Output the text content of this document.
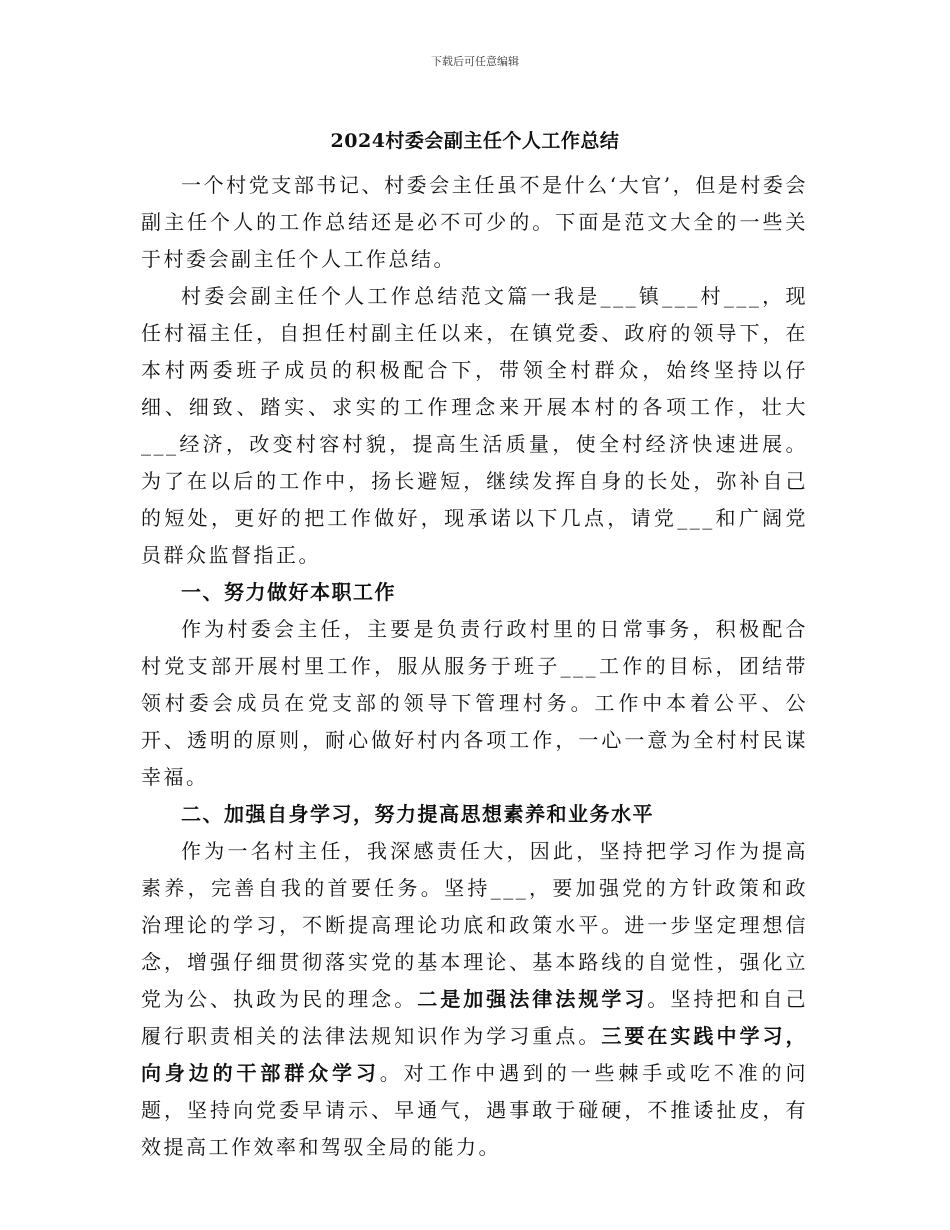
下载后可任意编辑
2024村委会副主任个人工作总结

一个村党支部书记、村委会主任虽不是什么‘大官’，但是村委会副主任个人的工作总结还是必不可少的。下面是范文大全的一些关于村委会副主任个人工作总结。

村委会副主任个人工作总结范文篇一我是___镇___村___，现任村福主任，自担任村副主任以来，在镇党委、政府的领导下，在本村两委班子成员的积极配合下，带领全村群众，始终坚持以仔细、细致、踏实、求实的工作理念来开展本村的各项工作，壮大___经济，改变村容村貌，提高生活质量，使全村经济快速进展。为了在以后的工作中，扬长避短，继续发挥自身的长处，弥补自己的短处，更好的把工作做好，现承诺以下几点，请党___和广阔党员群众监督指正。

一、努力做好本职工作

作为村委会主任，主要是负责行政村里的日常事务，积极配合村党支部开展村里工作，服从服务于班子___工作的目标，团结带领村委会成员在党支部的领导下管理村务。工作中本着公平、公开、透明的原则，耐心做好村内各项工作，一心一意为全村村民谋幸福。

二、加强自身学习，努力提高思想素养和业务水平

作为一名村主任，我深感责任大，因此，坚持把学习作为提高素养，完善自我的首要任务。坚持___，要加强党的方针政策和政治理论的学习，不断提高理论功底和政策水平。进一步坚定理想信念，增强仔细贯彻落实党的基本理论、基本路线的自觉性，强化立党为公、执政为民的理念。二是加强法律法规学习。坚持把和自己履行职责相关的法律法规知识作为学习重点。三要在实践中学习，向身边的干部群众学习。对工作中遇到的一些棘手或吃不准的问题，坚持向党委早请示、早通气，遇事敢于碰硬，不推诿扯皮，有效提高工作效率和驾驭全局的能力。
